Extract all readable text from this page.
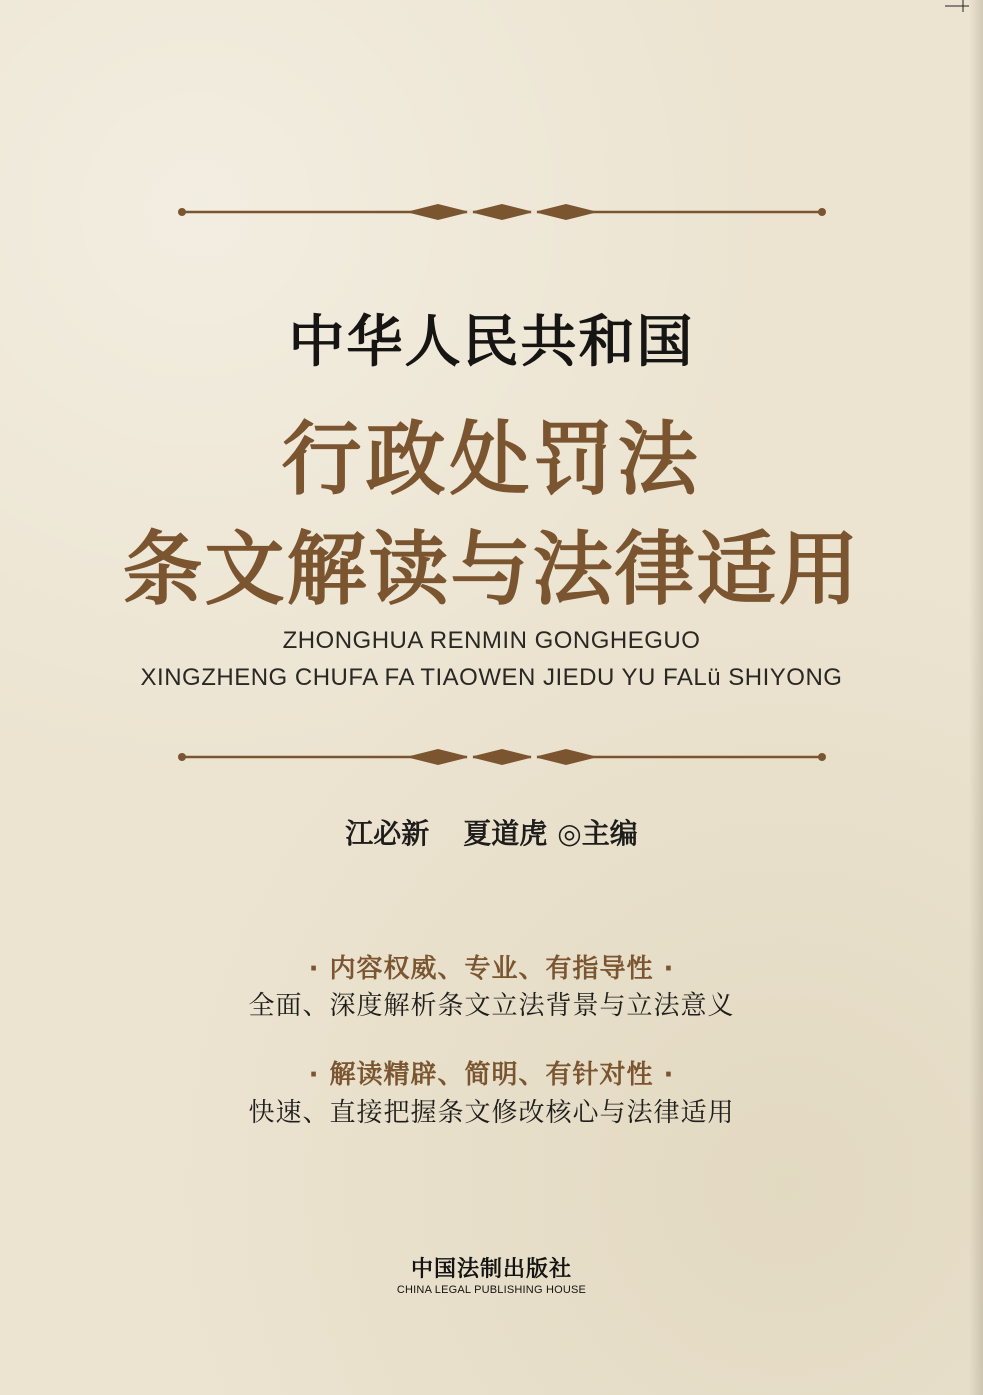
中华人民共和国
行政处罚法
条文解读与法律适用
ZHONGHUA RENMIN GONGHEGUO
XINGZHENG CHUFA FA TIAOWEN JIEDU YU FALü SHIYONG
江必新 夏道虎 ◎主编
· 内容权威、专业、有指导性 ·
全面、深度解析条文立法背景与立法意义
· 解读精辟、简明、有针对性 ·
快速、直接把握条文修改核心与法律适用
中国法制出版社
CHINA LEGAL PUBLISHING HOUSE
